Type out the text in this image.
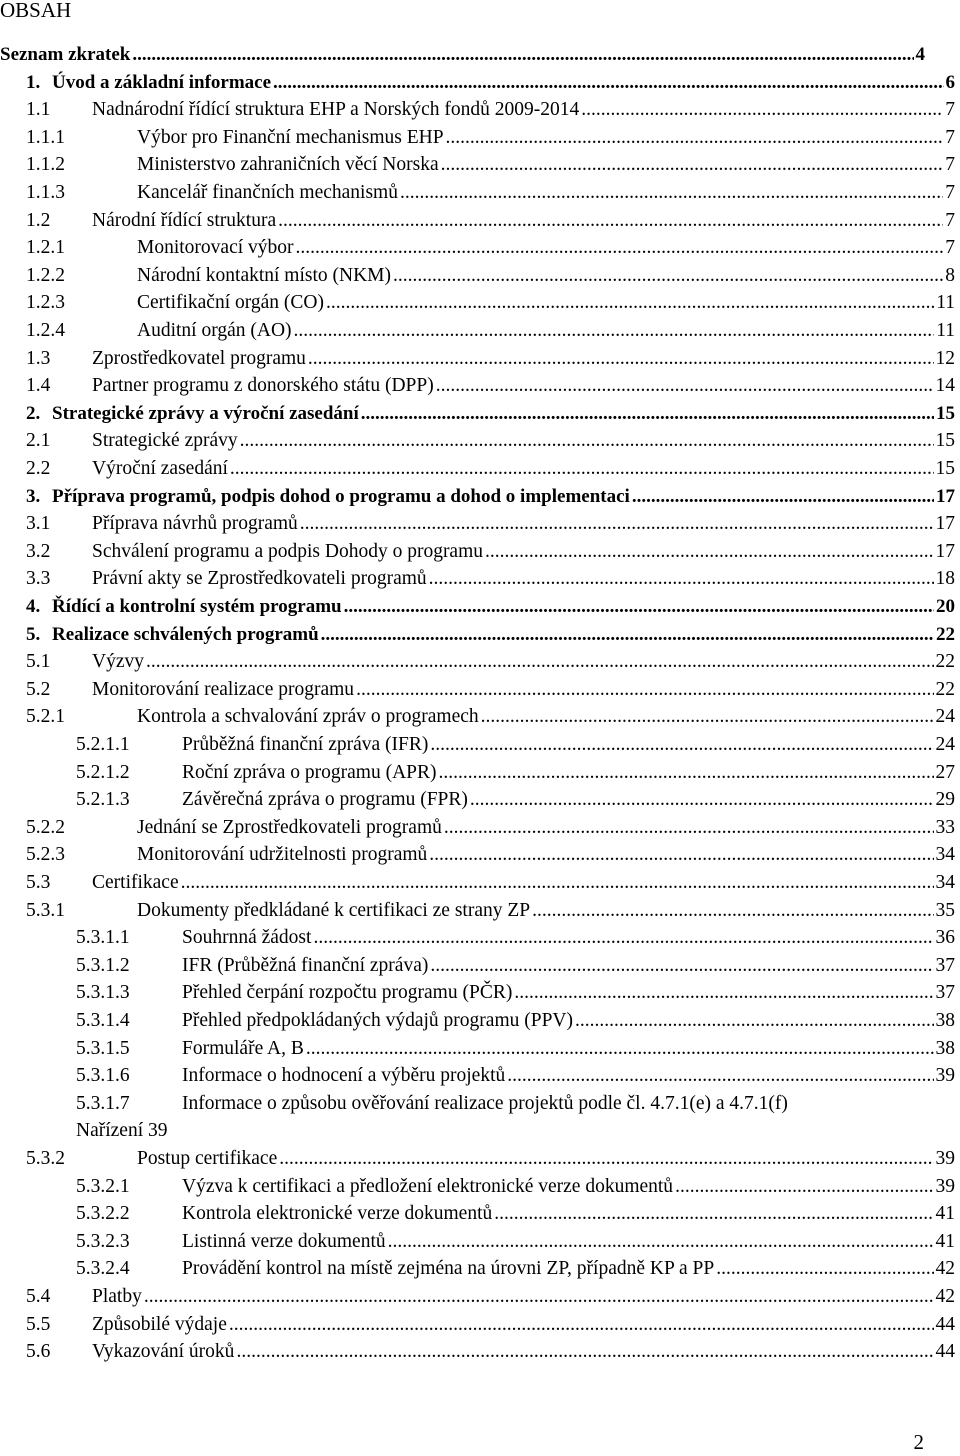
OBSAH
Seznam zkratek .....	4
1. Úvod a základní informace .....	6
1.1	Nadnárodní řídící struktura EHP a Norských fondů 2009-2014 .....	7
1.1.1	Výbor pro Finanční mechanismus EHP .....	7
1.1.2	Ministerstvo zahraničních věcí Norska .....	7
1.1.3	Kancelář finančních mechanismů .....	7
1.2	Národní řídící struktura .....	7
1.2.1	Monitorovací výbor .....	7
1.2.2	Národní kontaktní místo (NKM) .....	8
1.2.3	Certifikační orgán (CO) .....	11
1.2.4	Auditní orgán (AO) .....	11
1.3	Zprostředkovatel programu .....	12
1.4	Partner programu z donorského státu (DPP) .....	14
2. Strategické zprávy a výroční zasedání .....	15
2.1	Strategické zprávy .....	15
2.2	Výroční zasedání .....	15
3. Příprava programů, podpis dohod o programu a dohod o implementaci .....	17
3.1	Příprava návrhů programů .....	17
3.2	Schválení programu a podpis Dohody o programu .....	17
3.3	Právní akty se Zprostředkovateli programů .....	18
4. Řídící a kontrolní systém programu .....	20
5. Realizace schválených programů .....	22
5.1	Výzvy .....	22
5.2	Monitorování realizace programu .....	22
5.2.1	Kontrola a schvalování zpráv o programech .....	24
5.2.1.1	Průběžná finanční zpráva (IFR) .....	24
5.2.1.2	Roční zpráva o programu (APR) .....	27
5.2.1.3	Závěrečná zpráva o programu (FPR) .....	29
5.2.2	Jednání se Zprostředkovateli programů .....	33
5.2.3	Monitorování udržitelnosti programů .....	34
5.3	Certifikace .....	34
5.3.1	Dokumenty předkládané k certifikaci ze strany ZP .....	35
5.3.1.1	Souhrnná žádost .....	36
5.3.1.2	IFR (Průběžná finanční zpráva) .....	37
5.3.1.3	Přehled čerpání rozpočtu programu (PČR) .....	37
5.3.1.4	Přehled předpokládaných výdajů programu (PPV) .....	38
5.3.1.5	Formuláře A, B .....	38
5.3.1.6	Informace o hodnocení a výběru projektů .....	39
5.3.1.7	Informace o způsobu ověřování realizace projektů podle čl. 4.7.1(e) a 4.7.1(f)
Nařízení 39
5.3.2	Postup certifikace .....	39
5.3.2.1	Výzva k certifikaci a předložení elektronické verze dokumentů .....	39
5.3.2.2	Kontrola elektronické verze dokumentů .....	41
5.3.2.3	Listinná verze dokumentů .....	41
5.3.2.4	Provádění kontrol na místě zejména na úrovni ZP, případně KP a PP .....	42
5.4	Platby .....	42
5.5	Způsobilé výdaje .....	44
5.6	Vykazování úroků .....	44
2
